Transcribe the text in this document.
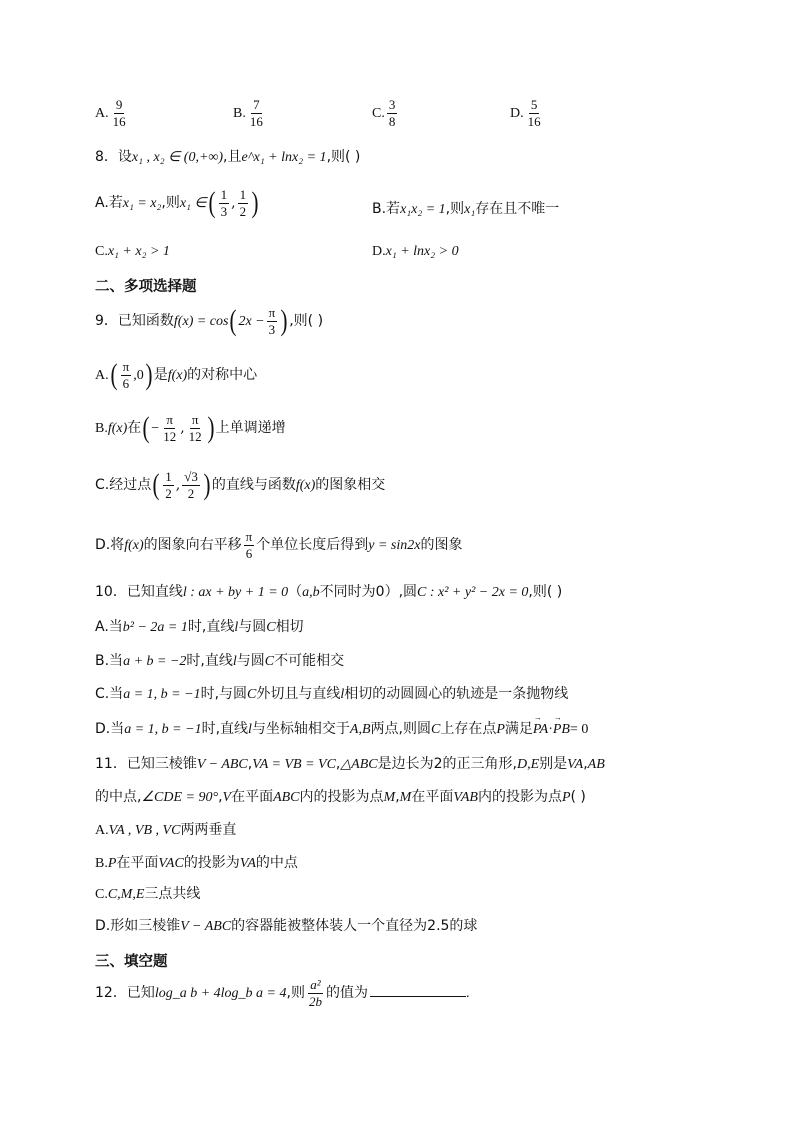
A. $\frac{9}{16}$	B. $\frac{7}{16}$	C. $\frac{3}{8}$	D. $\frac{5}{16}$
8．设x₁ , x₂ ∈ (0,+∞),且e^x₁ + lnx₂ = 1,则( )
A.若x₁ = x₂,则x₁ ∈( $\frac{1}{3}$ , $\frac{1}{2}$ )	B.若x₁x₂ = 1,则x₁存在且不唯一
C.x₁ + x₂ > 1	D.x₁ + lnx₂ > 0
二、多项选择题
9．已知函数f(x) = cos( $2x - \frac{\pi}{3}$ ) ,则( )
$A.( \frac{\pi}{6} ,0)$ 是f(x)的对称中心
B.f(x)在( − $\frac{\pi}{12}$ , $\frac{\pi}{12}$ ) 上单调递增
C.经过点( $\frac{1}{2}$ , $\frac{√3}{2}$ ) 的直线与函数f(x)的图象相交
D.将f(x)的图象向右平移 $\frac{\pi}{6}$ 个单位长度后得到y = sin2x的图象
10．已知直线l : ax + by + 1 = 0（a,b不同时为0）,圆C : x² + y² − 2x = 0,则( )
A.当b² − 2a = 1时,直线l与圆C相切
B.当a + b = −2时,直线l与圆C不可能相交
C.当a = 1, b = −1时,与圆C外切且与直线l相切的动圆圆心的轨迹是一条抛物线
D.当a = 1, b = −1时,直线l与坐标轴相交于A,B两点,则圆C上存在点P满足→ PA·→ PB= 0
11．已知三棱锥V − ABC,VA = VB = VC,△ABC是边长为2的正三角形,D,E别是VA,AB
的中点,∠CDE = 90°,V在平面ABC内的投影为点M,M在平面VAB内的投影为点P( )
A.VA , VB , VC两两垂直
B.P在平面VAC的投影为VA的中点
C.C,M,E三点共线
D.形如三棱锥V − ABC的容器能被整体装人一个直径为2.5的球
三、填空题
12．已知log_a b + 4log_b a = 4,则 $\frac{\text{a²}}{2b}$ 的值为	.
